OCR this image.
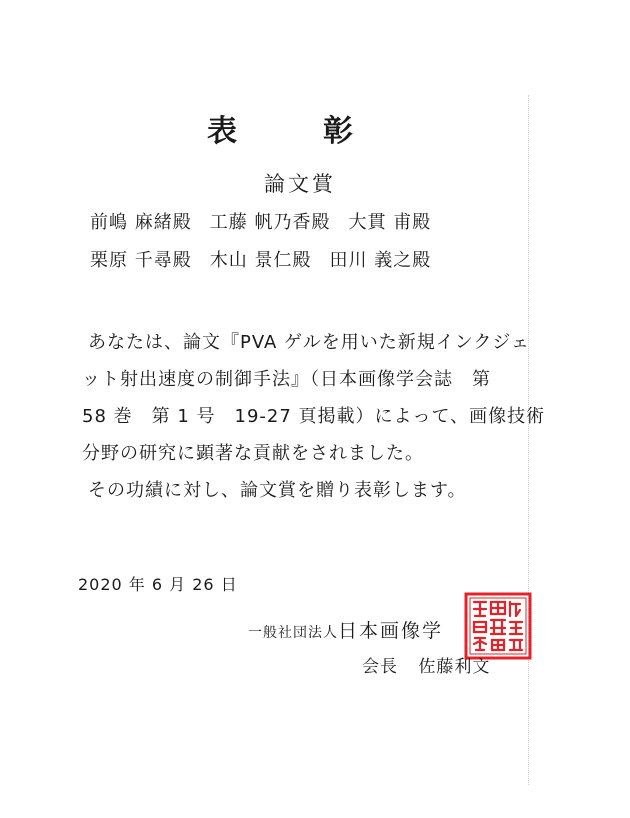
表　彰
論文賞
前嶋 麻緒殿 工藤 帆乃香殿 大貫 甫殿
栗原 千尋殿 木山 景仁殿 田川 義之殿

あなたは、論文『PVA ゲルを用いた新規インクジェ

ット射出速度の制御手法』（日本画像学会誌　第

58 巻　第 1 号　19-27 頁掲載）によって、画像技術

分野の研究に顕著な貢献をされました。

その功績に対し、論文賞を贈り表彰します。

2020 年 6 月 26 日
一般社団法人 日本画像学
会長 佐藤利文
